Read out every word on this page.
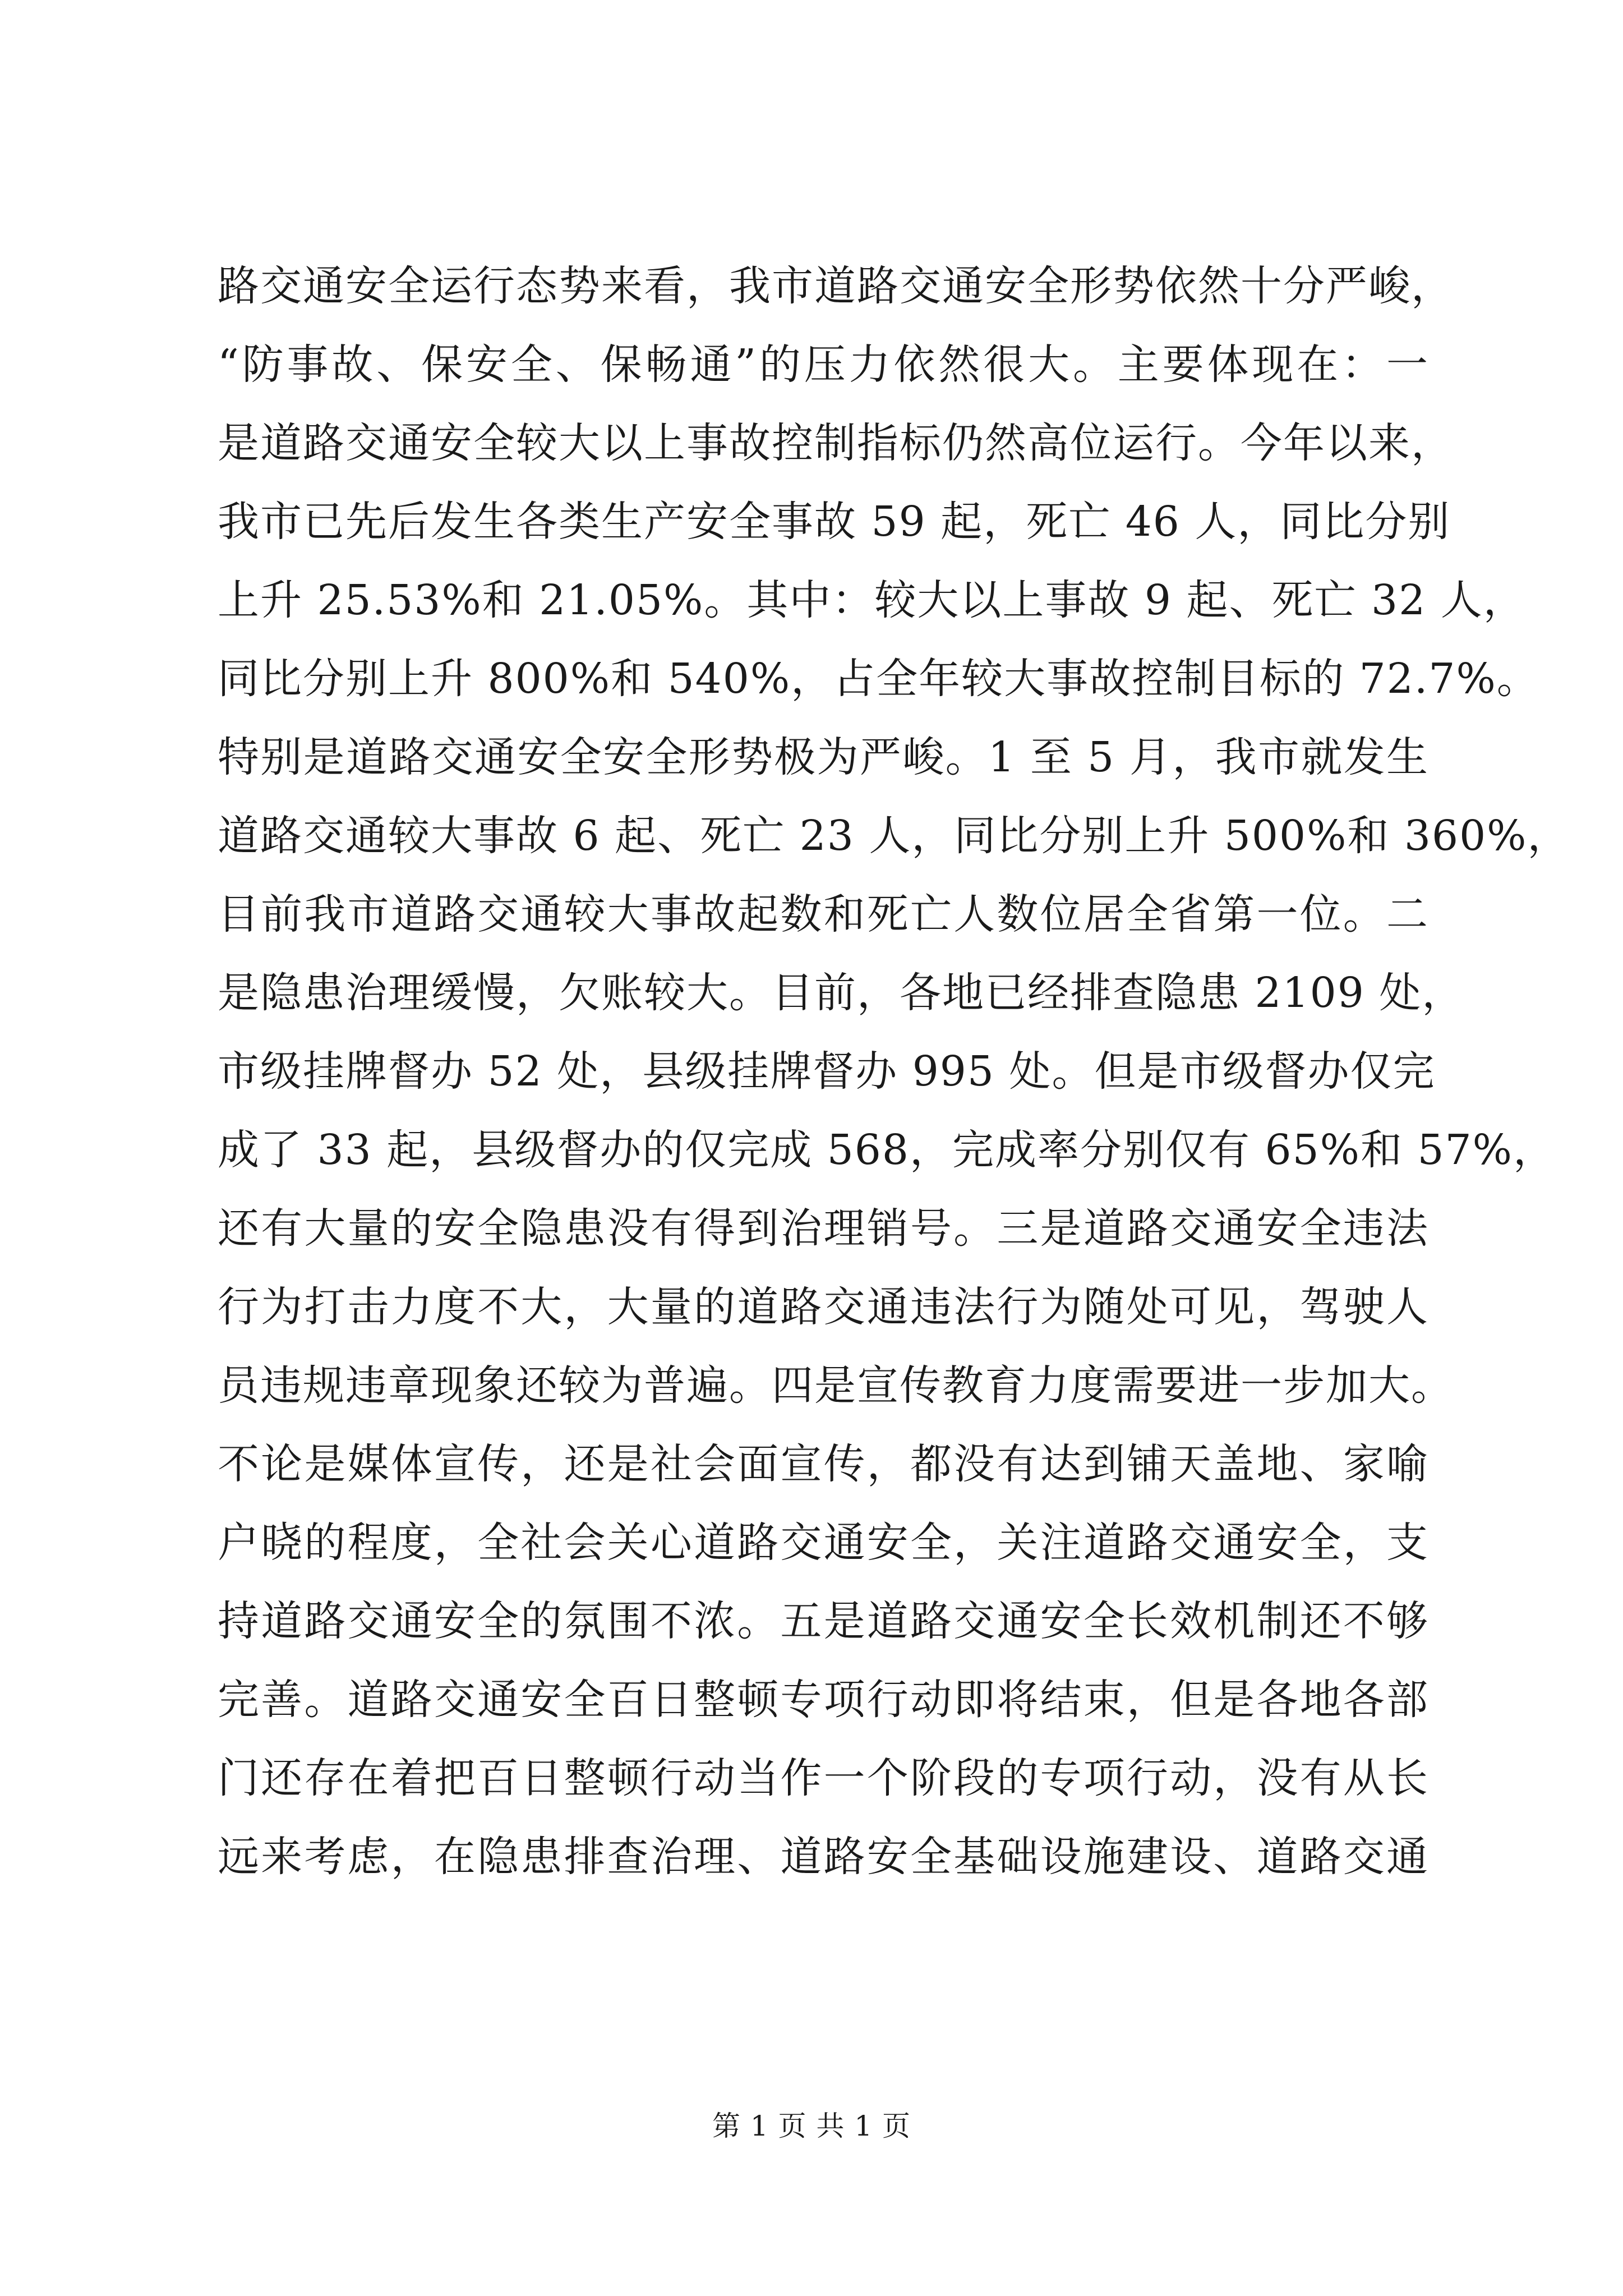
路交通安全运行态势来看，我市道路交通安全形势依然十分严峻，
“防事故、保安全、保畅通”的压力依然很大。主要体现在：一
是道路交通安全较大以上事故控制指标仍然高位运行。今年以来，
我市已先后发生各类生产安全事故 59 起，死亡 46 人，同比分别
上升 25.53%和 21.05%。其中：较大以上事故 9 起、死亡 32 人，
同比分别上升 800%和 540%，占全年较大事故控制目标的 72.7%。
特别是道路交通安全安全形势极为严峻。1 至 5 月，我市就发生
道路交通较大事故 6 起、死亡 23 人，同比分别上升 500%和 360%，
目前我市道路交通较大事故起数和死亡人数位居全省第一位。二
是隐患治理缓慢，欠账较大。目前，各地已经排查隐患 2109 处，
市级挂牌督办 52 处，县级挂牌督办 995 处。但是市级督办仅完
成了 33 起，县级督办的仅完成 568，完成率分别仅有 65%和 57%，
还有大量的安全隐患没有得到治理销号。三是道路交通安全违法
行为打击力度不大，大量的道路交通违法行为随处可见，驾驶人
员违规违章现象还较为普遍。四是宣传教育力度需要进一步加大。
不论是媒体宣传，还是社会面宣传，都没有达到铺天盖地、家喻
户晓的程度，全社会关心道路交通安全，关注道路交通安全，支
持道路交通安全的氛围不浓。五是道路交通安全长效机制还不够
完善。道路交通安全百日整顿专项行动即将结束，但是各地各部
门还存在着把百日整顿行动当作一个阶段的专项行动，没有从长
远来考虑，在隐患排查治理、道路安全基础设施建设、道路交通
第 1 页 共 1 页
